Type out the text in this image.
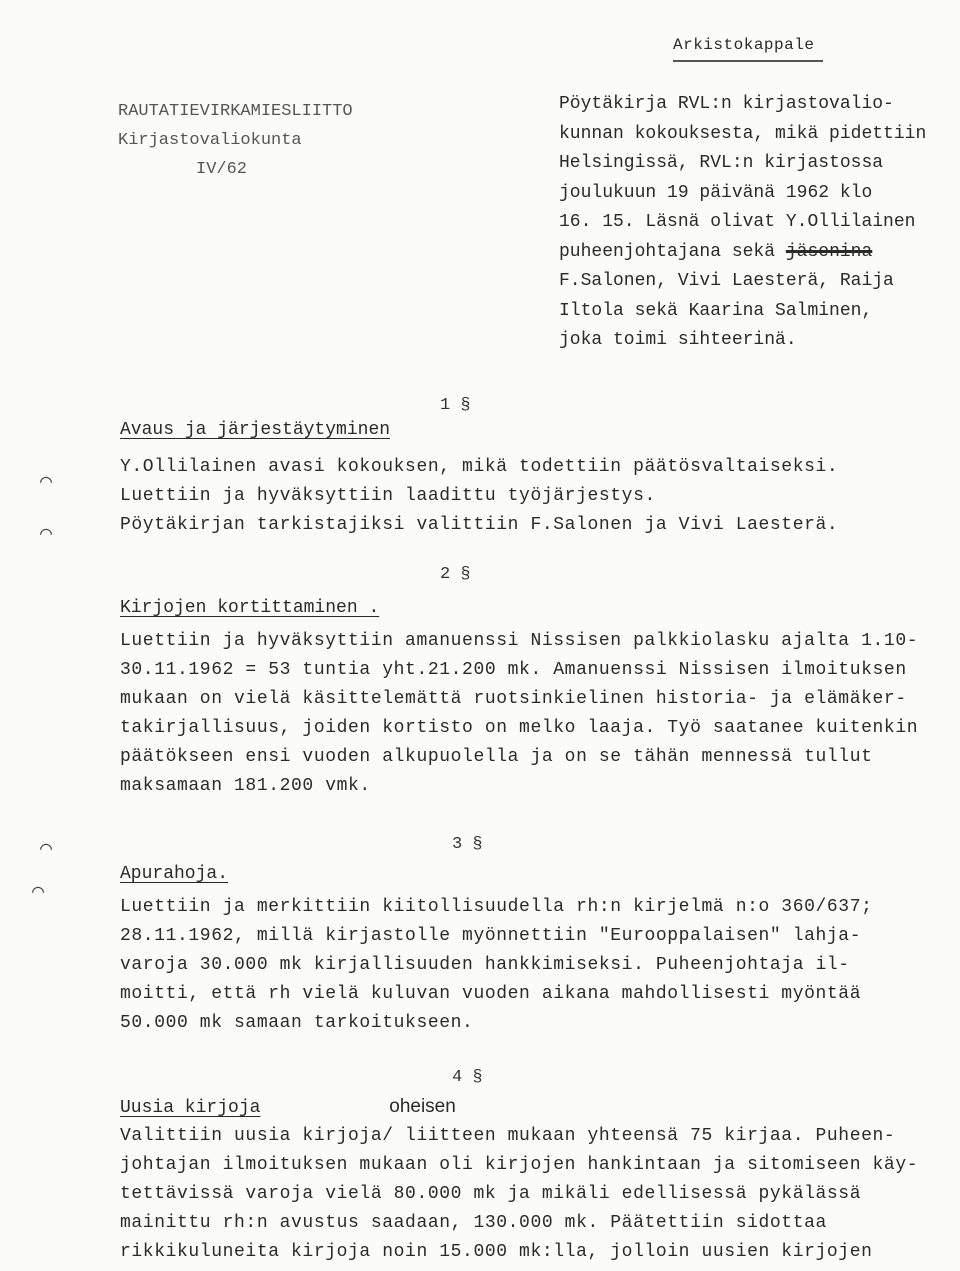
Arkistokappale
RAUTATIEVIRKAMIESLIITTO
Kirjastovaliokunta
IV/62
Pöytäkirja RVL:n kirjastovalio-
kunnan kokouksesta, mikä pidettiin
Helsingissä, RVL:n kirjastossa
joulukuun 19 päivänä 1962 klo
16. 15. Läsnä olivat Y.Ollilainen
puheenjohtajana sekä jäsenina
F.Salonen, Vivi Laesterä, Raija
Iltola sekä Kaarina Salminen,
joka toimi sihteerinä.
1 §
Avaus ja järjestäytyminen
Y.Ollilainen avasi kokouksen, mikä todettiin päätösvaltaiseksi.
Luettiin ja hyväksyttiin laadittu työjärjestys.
Pöytäkirjan tarkistajiksi valittiin F.Salonen ja Vivi Laesterä.
2 §
Kirjojen kortittaminen .
Luettiin ja hyväksyttiin amanuenssi Nissisen palkkiolasku ajalta 1.10-
30.11.1962 = 53 tuntia yht.21.200 mk. Amanuenssi Nissisen ilmoituksen
mukaan on vielä käsittelemättä ruotsinkielinen historia- ja elämäker-
takirjallisuus, joiden kortisto on melko laaja. Työ saatanee kuitenkin
päätökseen ensi vuoden alkupuolella ja on se tähän mennessä tullut
maksamaan 181.200 vmk.
3 §
Apurahoja.
Luettiin ja merkittiin kiitollisuudella rh:n kirjelmä n:o 360/637;
28.11.1962, millä kirjastolle myönnettiin "Eurooppalaisen" lahja-
varoja 30.000 mk kirjallisuuden hankkimiseksi. Puheenjohtaja il-
moitti, että rh vielä kuluvan vuoden aikana mahdollisesti myöntää
50.000 mk samaan tarkoitukseen.
4 §
Uusia kirjoja	oheisen
Valittiin uusia kirjoja/ liitteen mukaan yhteensä 75 kirjaa. Puheen-
johtajan ilmoituksen mukaan oli kirjojen hankintaan ja sitomiseen käy-
tettävissä varoja vielä 80.000 mk ja mikäli edellisessä pykälässä
mainittu rh:n avustus saadaan, 130.000 mk. Päätettiin sidottaa
rikkikuluneita kirjoja noin 15.000 mk:lla, jolloin uusien kirjojen
⌒
⌒
⌒
⌒
